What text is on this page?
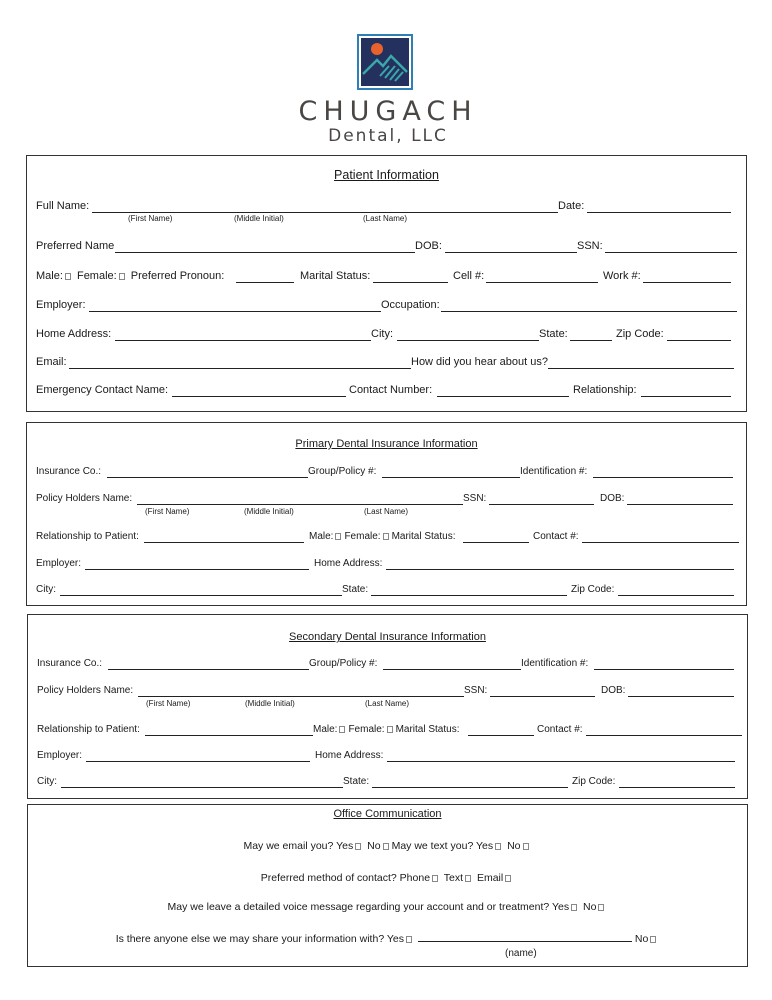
CHUGACH
Dental, LLC
Patient Information
Full Name:	Date:
(First Name)	(Middle Initial)	(Last Name)
Preferred Name	DOB:	SSN:
Male: Female: Preferred Pronoun:	Marital Status:	Cell #:	Work #:
Employer:	Occupation:
Home Address:	City:	State:	Zip Code:
Email:	How did you hear about us?
Emergency Contact Name:	Contact Number:	Relationship:
Primary Dental Insurance Information
Insurance Co.:	Group/Policy #:	Identification #:
Policy Holders Name:	SSN:	DOB:
(First Name)	(Middle Initial)	(Last Name)
Relationship to Patient:	Male: Female: Marital Status:	Contact #:
Employer:	Home Address:
City:	State:	Zip Code:
Secondary Dental Insurance Information
Insurance Co.:	Group/Policy #:	Identification #:
Policy Holders Name:	SSN:	DOB:
(First Name)	(Middle Initial)	(Last Name)
Relationship to Patient:	Male: Female: Marital Status:	Contact #:
Employer:	Home Address:
City:	State:	Zip Code:
Office Communication
May we email you? Yes No May we text you? Yes No
Preferred method of contact? Phone Text Email
May we leave a detailed voice message regarding your account and or treatment? Yes No
Is there anyone else we may share your information with? Yes	No
(name)
